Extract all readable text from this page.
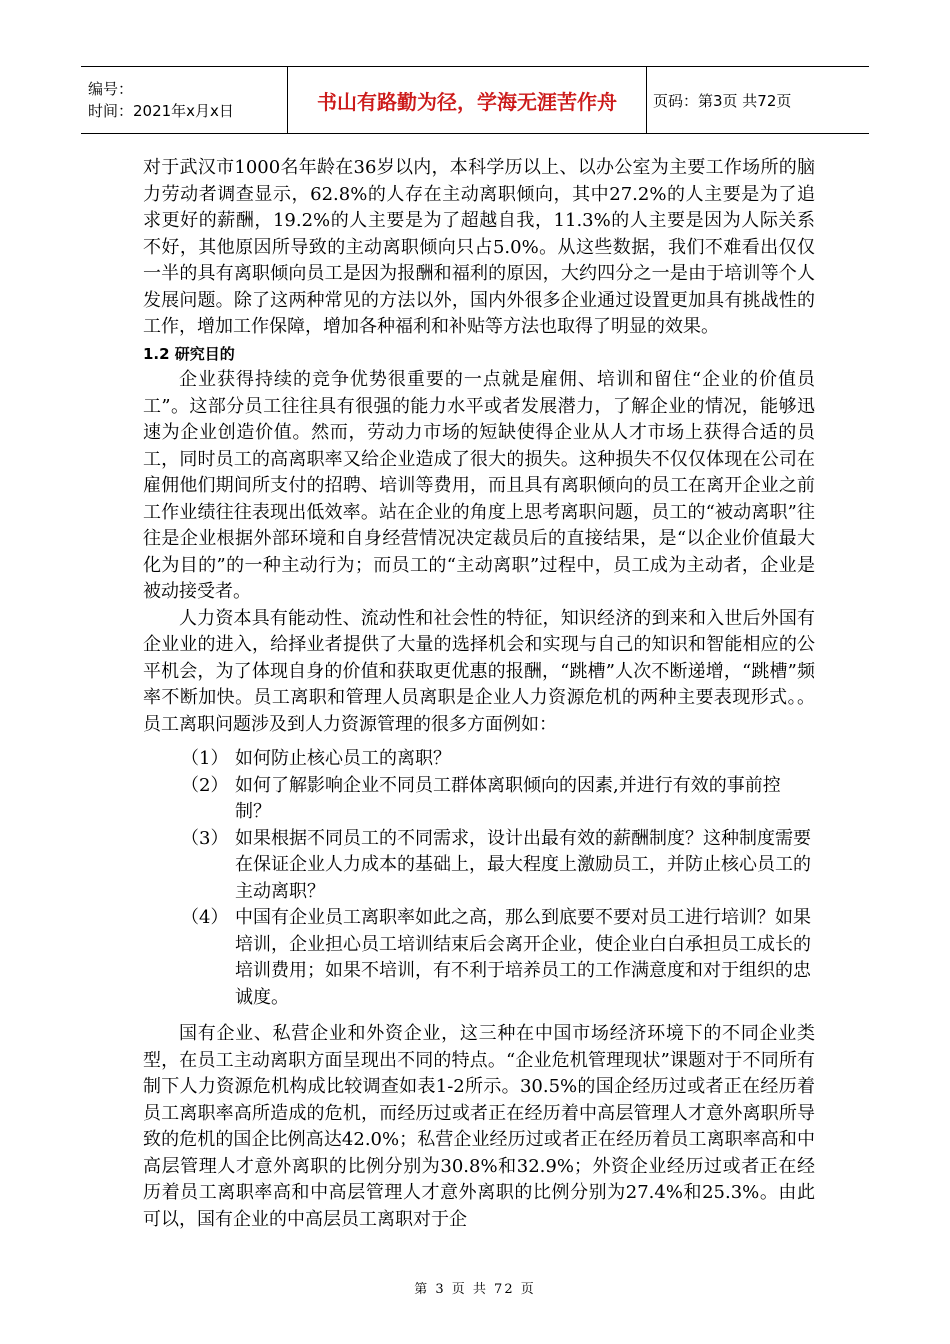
编号：
时间：2021年x月x日	书山有路勤为径，学海无涯苦作舟	页码：第3页 共72页

对于武汉市1000名年龄在36岁以内，本科学历以上、以办公室为主要工作场所的脑力劳动者调查显示，62.8%的人存在主动离职倾向，其中27.2%的人主要是为了追求更好的薪酬，19.2%的人主要是为了超越自我，11.3%的人主要是因为人际关系不好，其他原因所导致的主动离职倾向只占5.0%。从这些数据，我们不难看出仅仅一半的具有离职倾向员工是因为报酬和福利的原因，大约四分之一是由于培训等个人发展问题。除了这两种常见的方法以外，国内外很多企业通过设置更加具有挑战性的工作，增加工作保障，增加各种福利和补贴等方法也取得了明显的效果。

1.2 研究目的

企业获得持续的竞争优势很重要的一点就是雇佣、培训和留住“企业的价值员工”。这部分员工往往具有很强的能力水平或者发展潜力，了解企业的情况，能够迅速为企业创造价值。然而，劳动力市场的短缺使得企业从人才市场上获得合适的员工，同时员工的高离职率又给企业造成了很大的损失。这种损失不仅仅体现在公司在雇佣他们期间所支付的招聘、培训等费用，而且具有离职倾向的员工在离开企业之前工作业绩往往表现出低效率。站在企业的角度上思考离职问题，员工的“被动离职”往往是企业根据外部环境和自身经营情况决定裁员后的直接结果，是“以企业价值最大化为目的”的一种主动行为；而员工的“主动离职”过程中，员工成为主动者，企业是被动接受者。

人力资本具有能动性、流动性和社会性的特征，知识经济的到来和入世后外国有企业业的进入，给择业者提供了大量的选择机会和实现与自己的知识和智能相应的公平机会，为了体现自身的价值和获取更优惠的报酬，“跳槽”人次不断递增，“跳槽”频率不断加快。员工离职和管理人员离职是企业人力资源危机的两种主要表现形式。。员工离职问题涉及到人力资源管理的很多方面例如：

（1） 如何防止核心员工的离职？
（2） 如何了解影响企业不同员工群体离职倾向的因素,并进行有效的事前控制？
（3） 如果根据不同员工的不同需求，设计出最有效的薪酬制度？这种制度需要在保证企业人力成本的基础上，最大程度上激励员工，并防止核心员工的主动离职？
（4） 中国有企业员工离职率如此之高，那么到底要不要对员工进行培训？如果培训，企业担心员工培训结束后会离开企业，使企业白白承担员工成长的培训费用；如果不培训，有不利于培养员工的工作满意度和对于组织的忠诚度。

国有企业、私营企业和外资企业，这三种在中国市场经济环境下的不同企业类型，在员工主动离职方面呈现出不同的特点。“企业危机管理现状”课题对于不同所有制下人力资源危机构成比较调查如表1-2所示。30.5%的国企经历过或者正在经历着员工离职率高所造成的危机，而经历过或者正在经历着中高层管理人才意外离职所导致的危机的国企比例高达42.0%；私营企业经历过或者正在经历着员工离职率高和中高层管理人才意外离职的比例分别为30.8%和32.9%；外资企业经历过或者正在经历着员工离职率高和中高层管理人才意外离职的比例分别为27.4%和25.3%。由此可以，国有企业的中高层员工离职对于企

第 3 页 共 72 页
